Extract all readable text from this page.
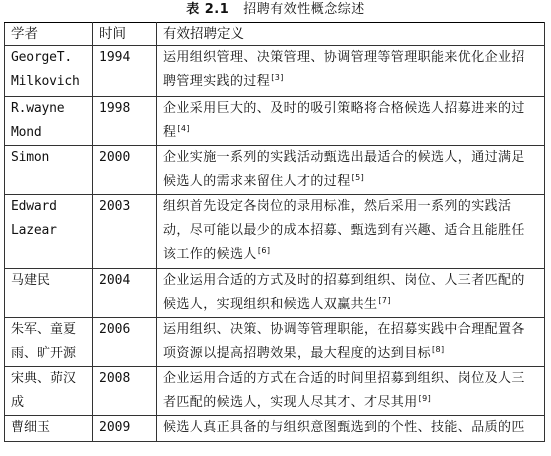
表 2.1 招聘有效性概念综述
学者	时间	有效招聘定义
GeorgeT. Milkovich	1994	运用组织管理、决策管理、协调管理等管理职能来优化企业招聘管理实践的过程[3]
R.wayne Mond	1998	企业采用巨大的、及时的吸引策略将合格候选人招募进来的过程[4]
Simon	2000	企业实施一系列的实践活动甄选出最适合的候选人，通过满足候选人的需求来留住人才的过程[5]
Edward Lazear	2003	组织首先设定各岗位的录用标准，然后采用一系列的实践活动，尽可能以最少的成本招募、甄选到有兴趣、适合且能胜任该工作的候选人[6]
马建民	2004	企业运用合适的方式及时的招募到组织、岗位、人三者匹配的候选人，实现组织和候选人双赢共生[7]
朱军、童夏雨、旷开源	2006	运用组织、决策、协调等管理职能，在招募实践中合理配置各项资源以提高招聘效果，最大程度的达到目标[8]
宋典、茆汉成	2008	企业运用合适的方式在合适的时间里招募到组织、岗位及人三者匹配的候选人，实现人尽其才、才尽其用[9]
曹细玉	2009	候选人真正具备的与组织意图甄选到的个性、技能、品质的匹
